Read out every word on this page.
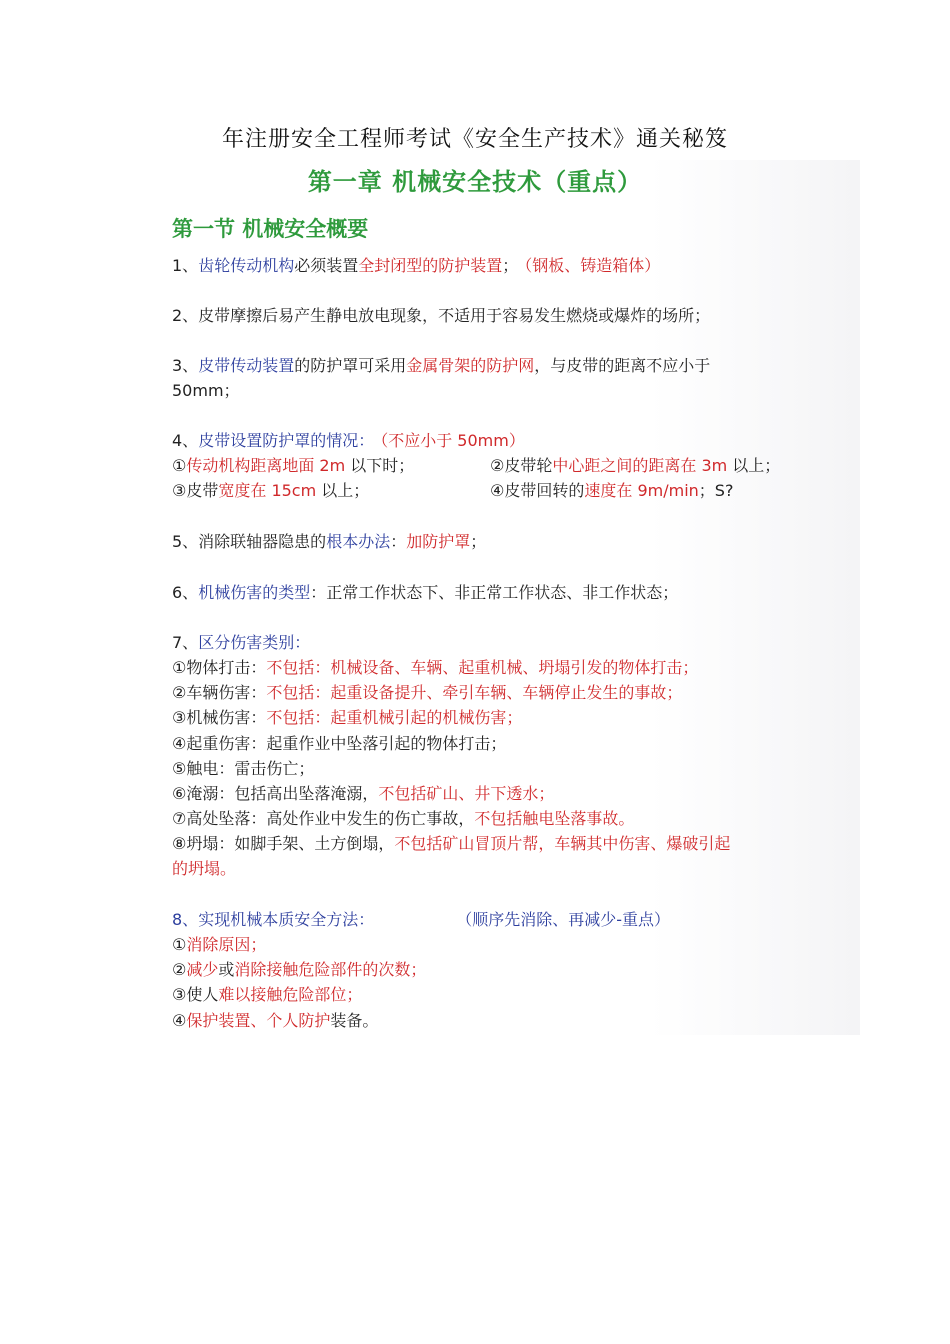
年注册安全工程师考试《安全生产技术》通关秘笈
第一章 机械安全技术（重点）
第一节 机械安全概要
1、齿轮传动机构必须装置全封闭型的防护装置； （钢板、铸造箱体）
2、皮带摩擦后易产生静电放电现象，不适用于容易发生燃烧或爆炸的场所；
3、皮带传动装置的防护罩可采用金属骨架的防护网，与皮带的距离不应小于
50mm；
4、皮带设置防护罩的情况： （不应小于 50mm）
①传动机构距离地面 2m 以下时；	②皮带轮中心距之间的距离在 3m 以上；
③皮带宽度在 15cm 以上；	④皮带回转的速度在 9m/min；S?
5、消除联轴器隐患的根本办法：加防护罩；
6、机械伤害的类型：正常工作状态下、非正常工作状态、非工作状态；
7、区分伤害类别：
①物体打击：不包括：机械设备、车辆、起重机械、坍塌引发的物体打击；
②车辆伤害：不包括：起重设备提升、牵引车辆、车辆停止发生的事故；
③机械伤害：不包括：起重机械引起的机械伤害；
④起重伤害：起重作业中坠落引起的物体打击；
⑤触电：雷击伤亡；
⑥淹溺：包括高出坠落淹溺，不包括矿山、井下透水；
⑦高处坠落：高处作业中发生的伤亡事故，不包括触电坠落事故。
⑧坍塌：如脚手架、土方倒塌，不包括矿山冒顶片帮，车辆其中伤害、爆破引起
的坍塌。
8、实现机械本质安全方法：	（顺序先消除、再减少-重点）
①消除原因；
②减少或消除接触危险部件的次数；
③使人难以接触危险部位；
④保护装置、个人防护装备。
